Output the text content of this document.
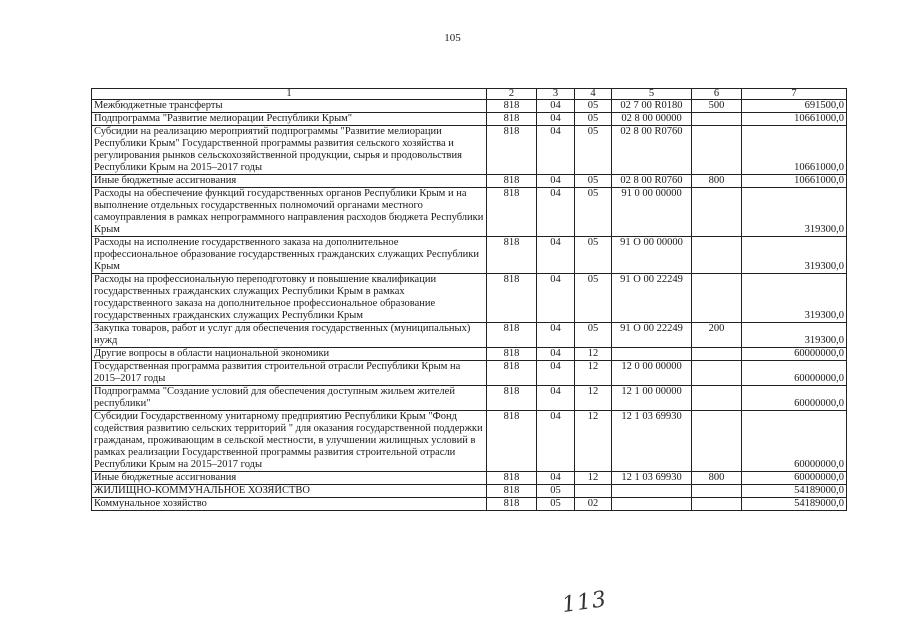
105
1	2	3	4	5	6	7
Межбюджетные трансферты	818	04	05	02 7 00 R0180	500	691500,0
Подпрограмма "Развитие мелиорации Республики Крым"	818	04	05	02 8 00 00000		10661000,0
Субсидии на реализацию мероприятий подпрограммы "Развитие мелиорации Республики Крым" Государственной программы развития сельского хозяйства и регулирования рынков сельскохозяйственной продукции, сырья и продовольствия Республики Крым на 2015–2017 годы	818	04	05	02 8 00 R0760		10661000,0
Иные бюджетные ассигнования	818	04	05	02 8 00 R0760	800	10661000,0
Расходы на обеспечение функций государственных органов Республики Крым и на выполнение отдельных государственных полномочий органами местного самоуправления в рамках непрограммного направления расходов бюджета Республики Крым	818	04	05	91 0 00 00000		319300,0
Расходы на исполнение государственного заказа на дополнительное профессиональное образование государственных гражданских служащих Республики Крым	818	04	05	91 О 00 00000		319300,0
Расходы на профессиональную переподготовку и повышение квалификации государственных гражданских служащих Республики Крым в рамках государственного заказа на дополнительное профессиональное образование государственных гражданских служащих Республики Крым	818	04	05	91 О 00 22249		319300,0
Закупка товаров, работ и услуг для обеспечения государственных (муниципальных) нужд	818	04	05	91 О 00 22249	200	319300,0
Другие вопросы в области национальной экономики	818	04	12			60000000,0
Государственная программа развития строительной отрасли Республики Крым на 2015–2017 годы	818	04	12	12 0 00 00000		60000000,0
Подпрограмма "Создание условий для обеспечения доступным жильем жителей республики"	818	04	12	12 1 00 00000		60000000,0
Субсидии Государственному унитарному предприятию Республики Крым "Фонд содействия развитию сельских территорий " для оказания государственной поддержки гражданам, проживающим в сельской местности, в улучшении жилищных условий в рамках реализации Государственной программы развития строительной отрасли Республики Крым на 2015–2017 годы	818	04	12	12 1 03 69930		60000000,0
Иные бюджетные ассигнования	818	04	12	12 1 03 69930	800	60000000,0
ЖИЛИЩНО-КОММУНАЛЬНОЕ ХОЗЯЙСТВО	818	05				54189000,0
Коммунальное хозяйство	818	05	02			54189000,0
113
